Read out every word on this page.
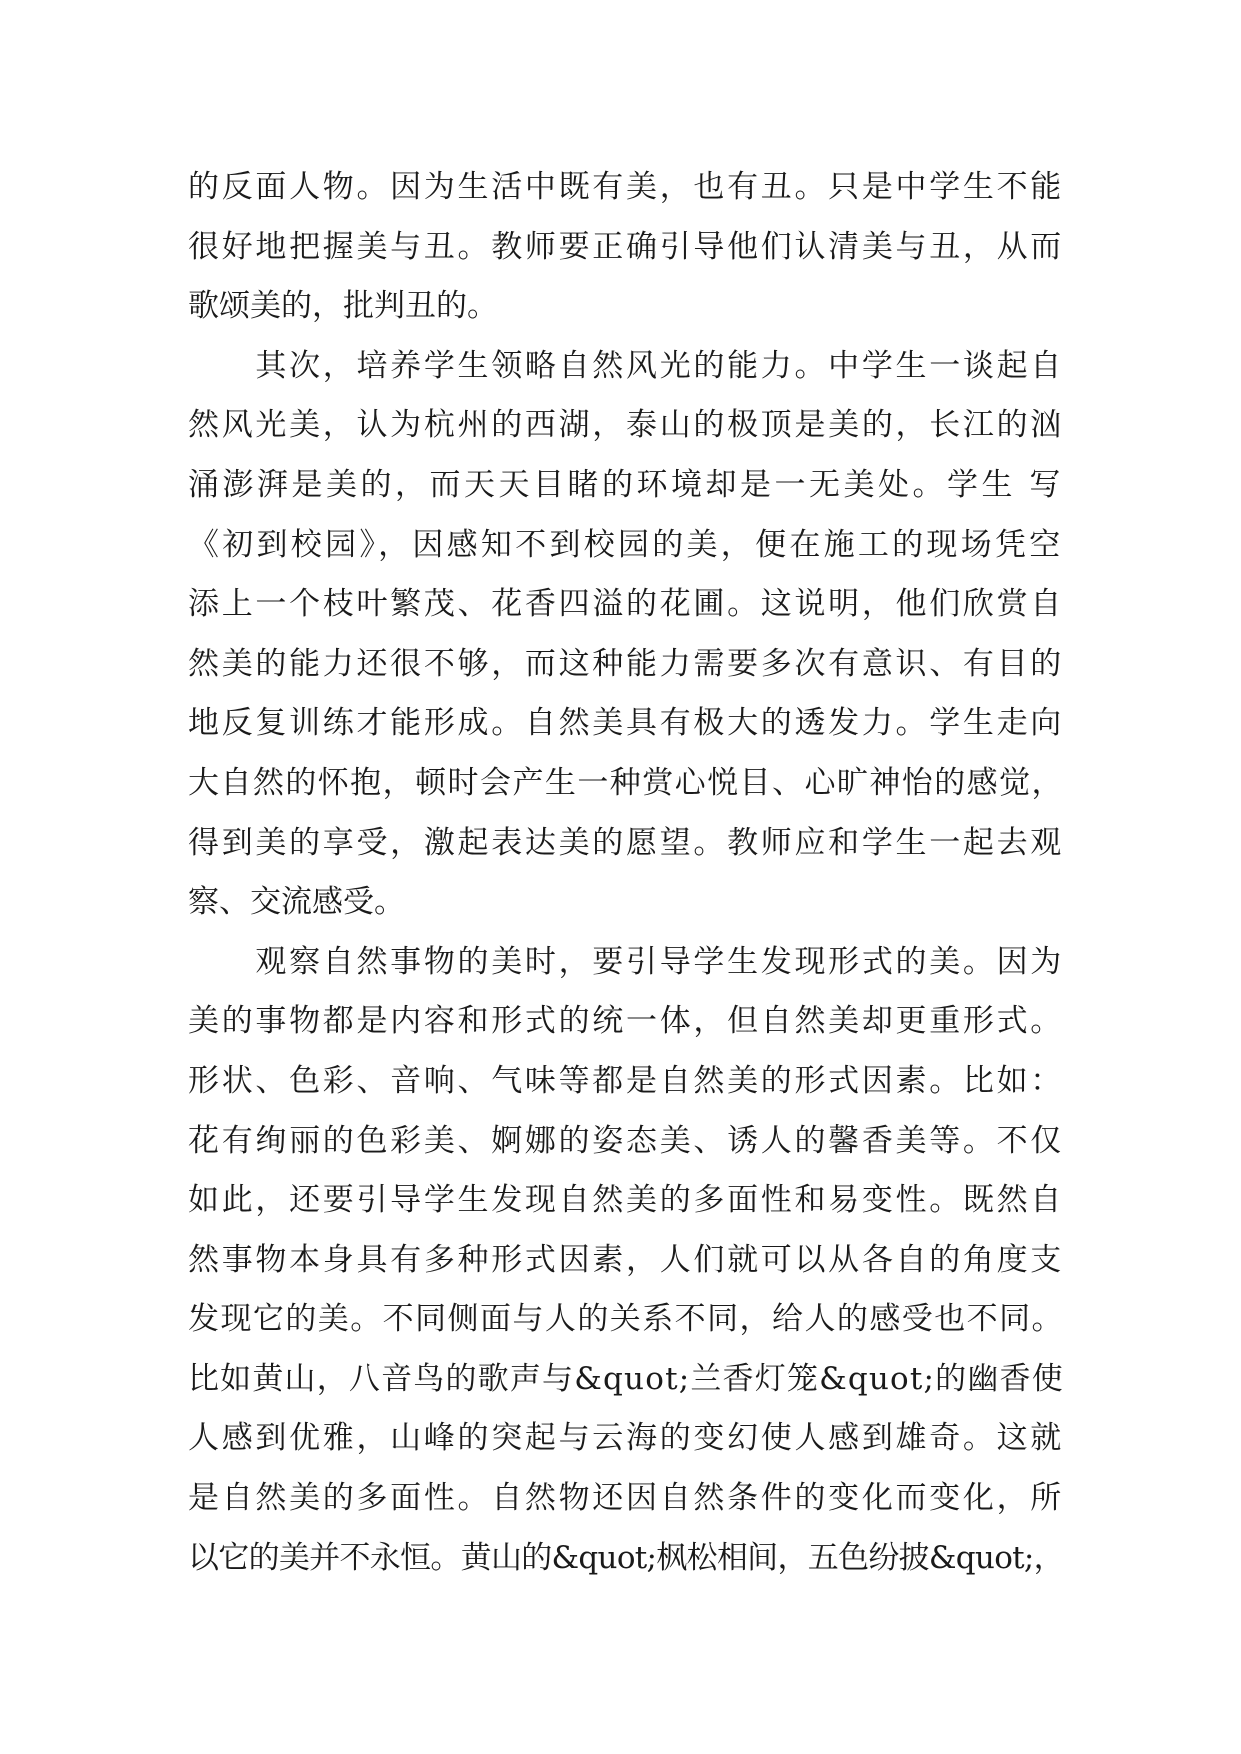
的反面人物。因为生活中既有美，也有丑。只是中学生不能
很好地把握美与丑。教师要正确引导他们认清美与丑，从而
歌颂美的，批判丑的。
　　其次，培养学生领略自然风光的能力。中学生一谈起自
然风光美，认为杭州的西湖，泰山的极顶是美的，长江的汹
涌澎湃是美的，而天天目睹的环境却是一无美处。学生 写
《初到校园》，因感知不到校园的美，便在施工的现场凭空
添上一个枝叶繁茂、花香四溢的花圃。这说明，他们欣赏自
然美的能力还很不够，而这种能力需要多次有意识、有目的
地反复训练才能形成。自然美具有极大的透发力。学生走向
大自然的怀抱，顿时会产生一种赏心悦目、心旷神怡的感觉，
得到美的享受，激起表达美的愿望。教师应和学生一起去观
察、交流感受。
　　观察自然事物的美时，要引导学生发现形式的美。因为
美的事物都是内容和形式的统一体，但自然美却更重形式。
形状、色彩、音响、气味等都是自然美的形式因素。比如：
花有绚丽的色彩美、婀娜的姿态美、诱人的馨香美等。不仅
如此，还要引导学生发现自然美的多面性和易变性。既然自
然事物本身具有多种形式因素，人们就可以从各自的角度支
发现它的美。不同侧面与人的关系不同，给人的感受也不同。
比如黄山，八音鸟的歌声与&quot;兰香灯笼&quot;的幽香使
人感到优雅，山峰的突起与云海的变幻使人感到雄奇。这就
是自然美的多面性。自然物还因自然条件的变化而变化，所
以它的美并不永恒。黄山的&quot;枫松相间，五色纷披&quot;，
